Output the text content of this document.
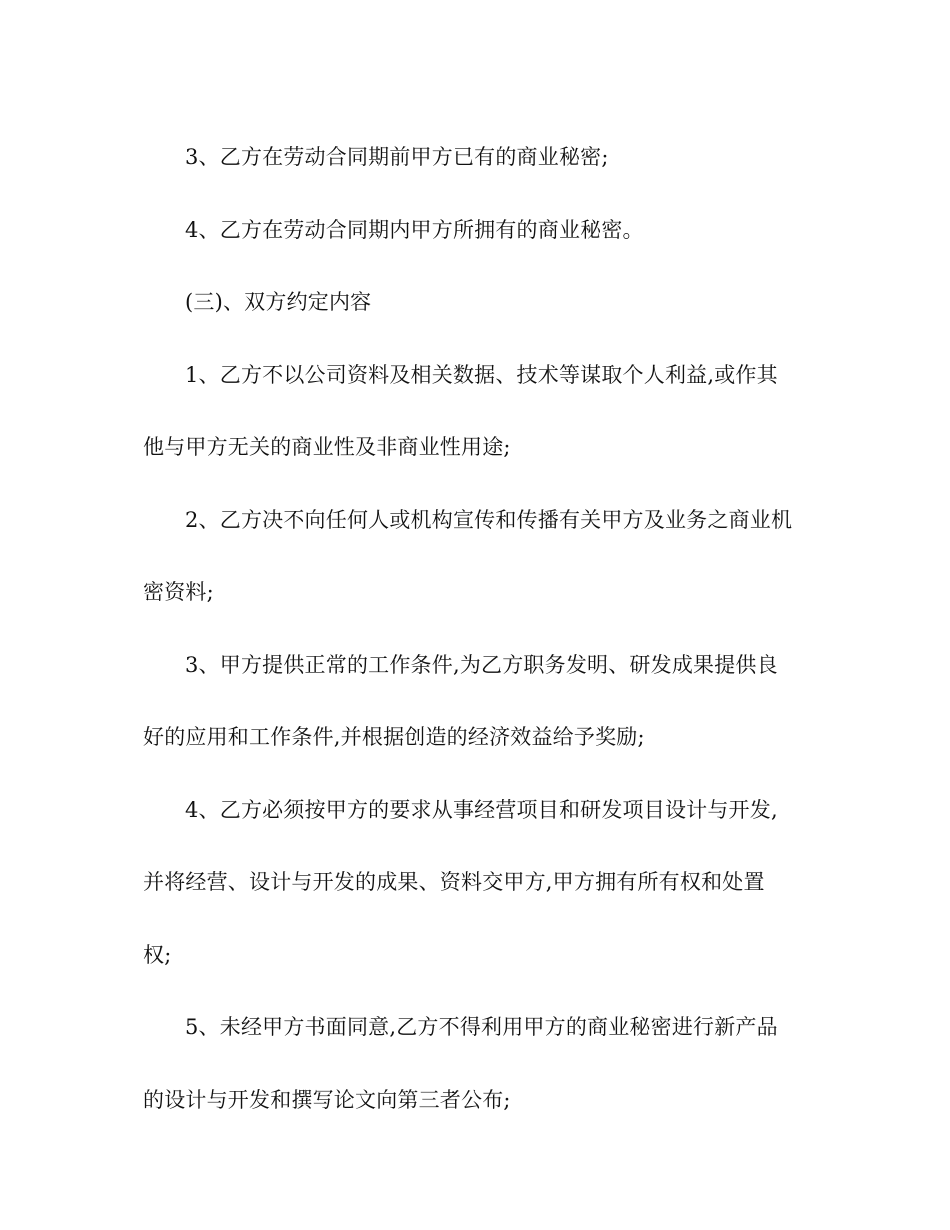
3、乙方在劳动合同期前甲方已有的商业秘密;

4、乙方在劳动合同期内甲方所拥有的商业秘密。

(三)、双方约定内容

1、乙方不以公司资料及相关数据、技术等谋取个人利益,或作其
他与甲方无关的商业性及非商业性用途;

2、乙方决不向任何人或机构宣传和传播有关甲方及业务之商业机
密资料;

3、甲方提供正常的工作条件,为乙方职务发明、研发成果提供良
好的应用和工作条件,并根据创造的经济效益给予奖励;

4、乙方必须按甲方的要求从事经营项目和研发项目设计与开发,
并将经营、设计与开发的成果、资料交甲方,甲方拥有所有权和处置
权;

5、未经甲方书面同意,乙方不得利用甲方的商业秘密进行新产品
的设计与开发和撰写论文向第三者公布;
